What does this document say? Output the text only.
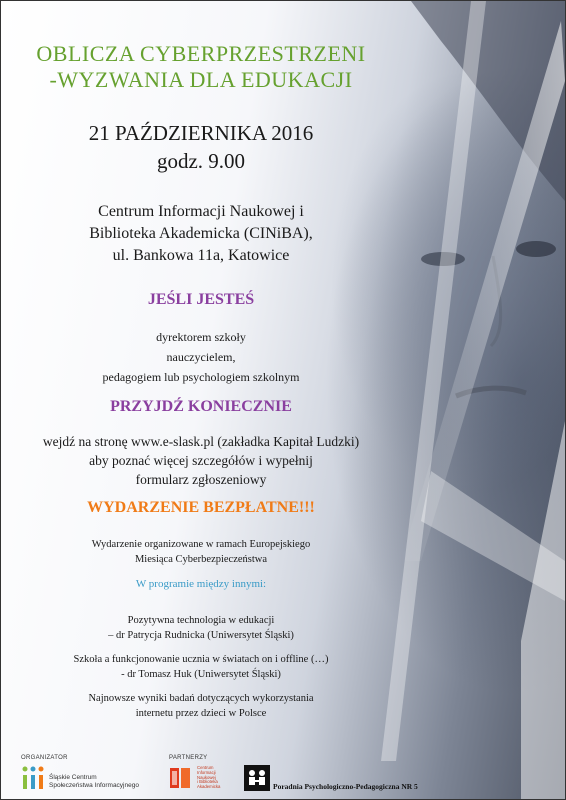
OBLICZA CYBERPRZESTRZENI
-WYZWANIA DLA EDUKACJI
21 PAŹDZIERNIKA 2016
godz. 9.00
Centrum Informacji Naukowej i
Biblioteka Akademicka (CINiBA),
ul. Bankowa 11a, Katowice
JEŚLI JESTEŚ
dyrektorem szkoły
nauczycielem,
pedagogiem lub psychologiem szkolnym
PRZYJDŹ KONIECZNIE
wejdź na stronę www.e-slask.pl (zakładka Kapitał Ludzki)
aby poznać więcej szczegółów i wypełnij
formularz zgłoszeniowy
WYDARZENIE BEZPŁATNE!!!
Wydarzenie organizowane w ramach Europejskiego
Miesiąca Cyberbezpieczeństwa
W programie między innymi:

Pozytywna technologia w edukacji
– dr Patrycja Rudnicka (Uniwersytet Śląski)

Szkoła a funkcjonowanie ucznia w światach on i offline (…)
- dr Tomasz Huk (Uniwersytet Śląski)

Najnowsze wyniki badań dotyczących wykorzystania
internetu przez dzieci w Polsce

ORGANIZATOR
Śląskie Centrum
Społeczeństwa Informacyjnego
PARTNERZY
Centrum
Informacji
Naukowej
i Biblioteka
Akademicka	Poradnia Psychologiczno-Pedagogiczna NR 5
